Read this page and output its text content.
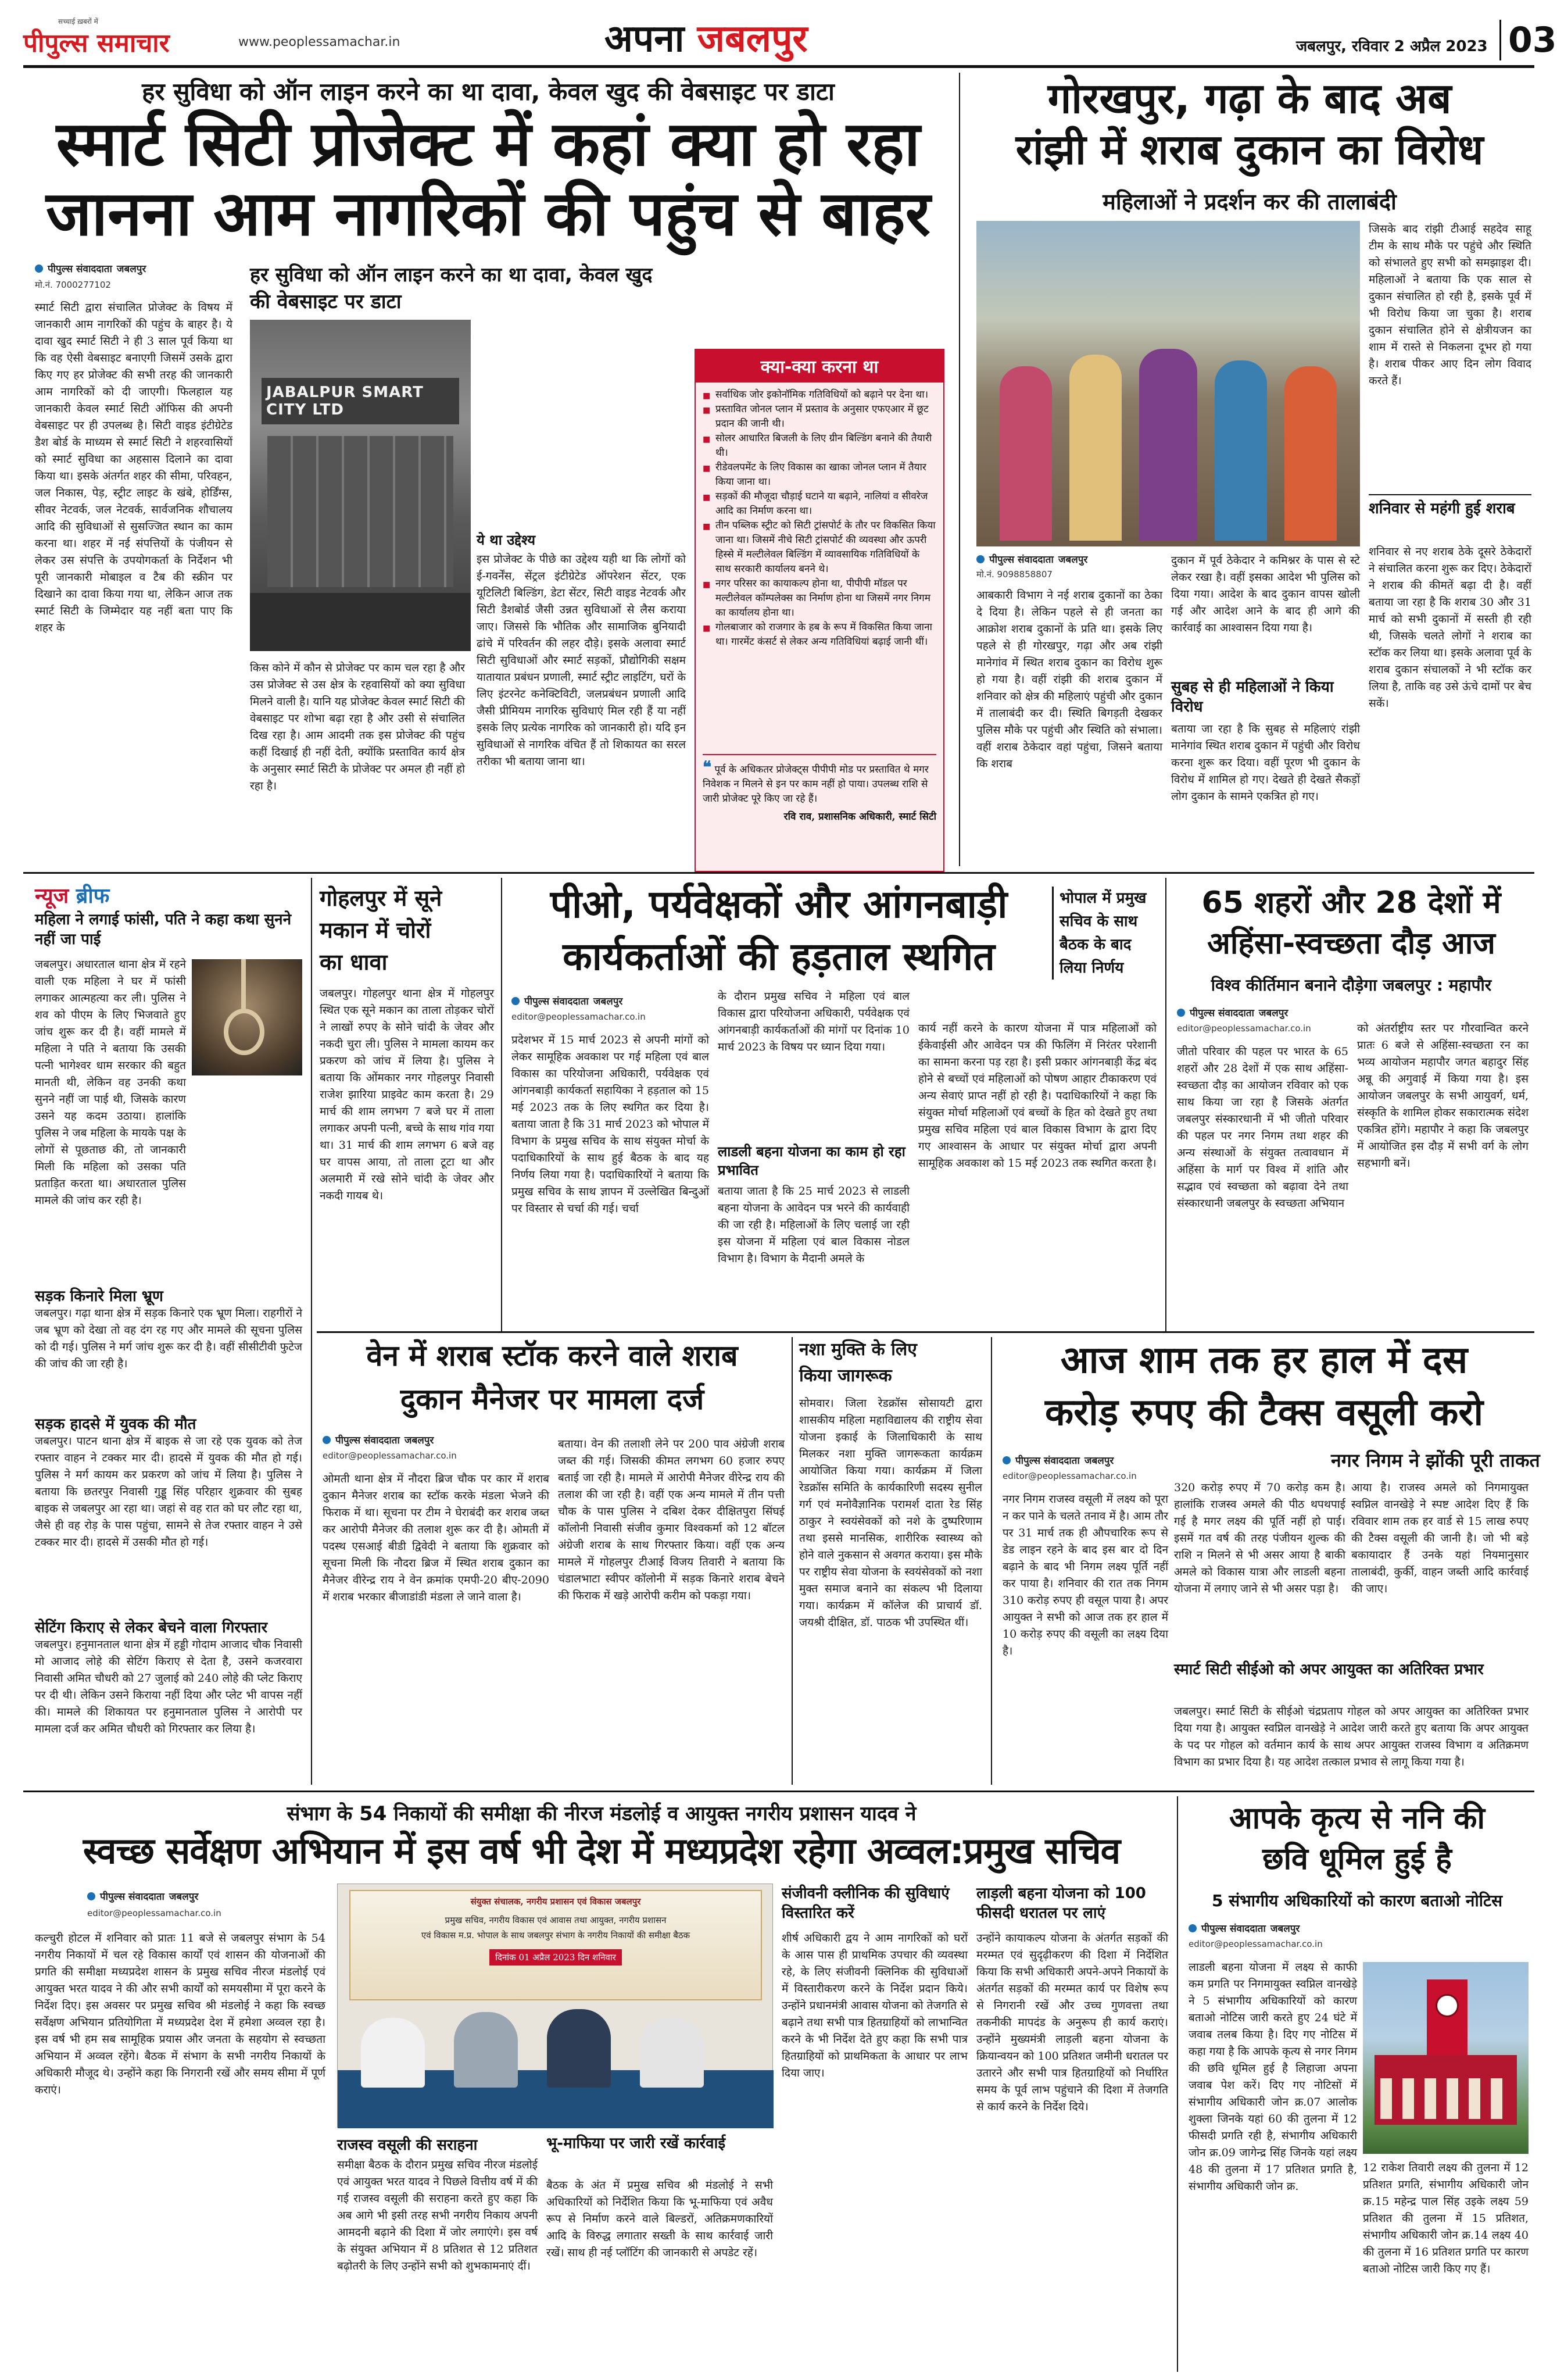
सच्चाई ख़बरों में
पीपुल्स समाचार	www.peoplessamachar.in	अपना जबलपुर	जबलपुर, रविवार 2 अप्रैल 2023 03
हर सुविधा को ऑन लाइन करने का था दावा, केवल खुद की वेबसाइट पर डाटा
स्मार्ट सिटी प्रोजेक्ट में कहां क्या हो रहा
जानना आम नागरिकों की पहुंच से बाहर
पीपुल्स संवाददाता जबलपुर
मो.नं. 7000277102
स्मार्ट सिटी द्वारा संचालित प्रोजेक्ट के विषय में जानकारी आम नागरिकों की पहुंच के बाहर है। ये दावा खुद स्मार्ट सिटी ने ही 3 साल पूर्व किया था कि वह ऐसी वेबसाइट बनाएगी जिसमें उसके द्वारा किए गए हर प्रोजेक्ट की सभी तरह की जानकारी आम नागरिकों को दी जाएगी। फिलहाल यह जानकारी केवल स्मार्ट सिटी ऑफिस की अपनी वेबसाइट पर ही उपलब्ध है। सिटी वाइड इंटीग्रेटेड डैश बोर्ड के माध्यम से स्मार्ट सिटी ने शहरवासियों को स्मार्ट सुविधा का अहसास दिलाने का दावा किया था। इसके अंतर्गत शहर की सीमा, परिवहन, जल निकास, पेड़, स्ट्रीट लाइट के खंबे, होर्डिंग्स, सीवर नेटवर्क, जल नेटवर्क, सार्वजनिक शौचालय आदि की सुविधाओं से सुसज्जित स्थान का काम करना था। शहर में नई संपत्तियों के पंजीयन से लेकर उस संपत्ति के उपयोगकर्ता के निर्देशन भी पूरी जानकारी मोबाइल व टैब की स्क्रीन पर दिखाने का दावा किया गया था, लेकिन आज तक स्मार्ट सिटी के जिम्मेदार यह नहीं बता पाए कि शहर के
हर सुविधा को ऑन लाइन करने का था दावा, केवल खुद की वेबसाइट पर डाटा
JABALPUR SMART CITY LTD
ये था उद्देश्य
इस प्रोजेक्ट के पीछे का उद्देश्य यही था कि लोगों को ई-गवर्नेंस, सेंट्रल इंटीग्रेटेड ऑपरेशन सेंटर, एक यूटिलिटी बिल्डिंग, डेटा सेंटर, सिटी वाइड नेटवर्क और सिटी डैशबोर्ड जैसी उन्नत सुविधाओं से लैस कराया जाए। जिससे कि भौतिक और सामाजिक बुनियादी ढांचे में परिवर्तन की लहर दौड़े। इसके अलावा स्मार्ट सिटी सुविधाओं और स्मार्ट सड़कों, प्रौद्योगिकी सक्षम यातायात प्रबंधन प्रणाली, स्मार्ट स्ट्रीट लाइटिंग, घरों के लिए इंटरनेट कनेक्टिविटी, जलप्रबंधन प्रणाली आदि जैसी प्रीमियम नागरिक सुविधाएं मिल रही हैं या नहीं इसके लिए प्रत्येक नागरिक को जानकारी हो। यदि इन सुविधाओं से नागरिक वंचित हैं तो शिकायत का सरल तरीका भी बताया जाना था।
किस कोने में कौन से प्रोजेक्ट पर काम चल रहा है और उस प्रोजेक्ट से उस क्षेत्र के रहवासियों को क्या सुविधा मिलने वाली है। यानि यह प्रोजेक्ट केवल स्मार्ट सिटी की वेबसाइट पर शोभा बढ़ा रहा है और उसी से संचालित दिख रहा है। आम आदमी तक इस प्रोजेक्ट की पहुंच कहीं दिखाई ही नहीं देती, क्योंकि प्रस्तावित कार्य क्षेत्र के अनुसार स्मार्ट सिटी के प्रोजेक्ट पर अमल ही नहीं हो रहा है।
क्या-क्या करना था
■ सर्वाधिक जोर इकोनॉमिक गतिविधियों को बढ़ाने पर देना था।
■ प्रस्तावित जोनल प्लान में प्रस्ताव के अनुसार एफएआर में छूट प्रदान की जानी थी।
■ सोलर आधारित बिजली के लिए ग्रीन बिल्डिंग बनाने की तैयारी थी।
■ रीडेवलपमेंट के लिए विकास का खाका जोनल प्लान में तैयार किया जाना था।
■ सड़कों की मौजूदा चौड़ाई घटाने या बढ़ाने, नालियां व सीवरेज आदि का निर्माण करना था।
■ तीन पब्लिक स्ट्रीट को सिटी ट्रांसपोर्ट के तौर पर विकसित किया जाना था। जिसमें नीचे सिटी ट्रांसपोर्ट की व्यवस्था और ऊपरी हिस्से में मल्टीलेवल बिल्डिंग में व्यावसायिक गतिविधियों के साथ सरकारी कार्यालय बनने थे।
■ नगर परिसर का कायाकल्प होना था, पीपीपी मॉडल पर मल्टीलेवल कॉम्पलेक्स का निर्माण होना था जिसमें नगर निगम का कार्यालय होना था।
■ गोलबाजार को राजगार के हब के रूप में विकसित किया जाना था। गारमेंट कंसर्ट से लेकर अन्य गतिविधियां बढ़ाई जानी थीं।
❝ पूर्व के अधिकतर प्रोजेक्ट्स पीपीपी मोड पर प्रस्तावित थे मगर निवेशक न मिलने से इन पर काम नहीं हो पाया। उपलब्ध राशि से जारी प्रोजेक्ट पूरे किए जा रहे हैं।
रवि राव, प्रशासनिक अधिकारी, स्मार्ट सिटी
गोरखपुर, गढ़ा के बाद अब
रांझी में शराब दुकान का विरोध
महिलाओं ने प्रदर्शन कर की तालाबंदी
पीपुल्स संवाददाता जबलपुर
मो.नं. 9098858807
आबकारी विभाग ने नई शराब दुकानों का ठेका दे दिया है। लेकिन पहले से ही जनता का आक्रोश शराब दुकानों के प्रति था। इसके लिए पहले से ही गोरखपुर, गढ़ा और अब रांझी मानेगांव में स्थित शराब दुकान का विरोध शुरू हो गया है। वहीं रांझी की शराब दुकान में शनिवार को क्षेत्र की महिलाएं पहुंची और दुकान में तालाबंदी कर दी। स्थिति बिगड़ती देखकर पुलिस मौके पर पहुंची और स्थिति को संभाला। वहीं शराब ठेकेदार वहां पहुंचा, जिसने बताया कि शराब
दुकान में पूर्व ठेकेदार ने कमिश्नर के पास से स्टे लेकर रखा है। वहीं इसका आदेश भी पुलिस को दिया गया। आदेश के बाद दुकान वापस खोली गई और आदेश आने के बाद ही आगे की कार्रवाई का आश्वासन दिया गया है।
सुबह से ही महिलाओं ने किया विरोध
बताया जा रहा है कि सुबह से महिलाएं रांझी मानेगांव स्थित शराब दुकान में पहुंची और विरोध करना शुरू कर दिया। वहीं पूरण भी दुकान के विरोध में शामिल हो गए। देखते ही देखते सैकड़ों लोग दुकान के सामने एकत्रित हो गए।
जिसके बाद रांझी टीआई सहदेव साहू टीम के साथ मौके पर पहुंचे और स्थिति को संभालते हुए सभी को समझाइश दी। महिलाओं ने बताया कि एक साल से दुकान संचालित हो रही है, इसके पूर्व में भी विरोध किया जा चुका है। शराब दुकान संचालित होने से क्षेत्रीयजन का शाम में रास्ते से निकलना दूभर हो गया है। शराब पीकर आए दिन लोग विवाद करते हैं।
शनिवार से महंगी हुई शराब
शनिवार से नए शराब ठेके दूसरे ठेकेदारों ने संचालित करना शुरू कर दिए। ठेकेदारों ने शराब की कीमतें बढ़ा दी है। वहीं बताया जा रहा है कि शराब 30 और 31 मार्च को सभी दुकानों में सस्ती ही रही थी, जिसके चलते लोगों ने शराब का स्टॉक कर लिया था। इसके अलावा पूर्व के शराब दुकान संचालकों ने भी स्टॉक कर लिया है, ताकि वह उसे ऊंचे दामों पर बेच सकें।
न्यूज ब्रीफ
महिला ने लगाई फांसी, पति ने कहा कथा सुनने नहीं जा पाई
जबलपुर। अधारताल थाना क्षेत्र में रहने वाली एक महिला ने घर में फांसी लगाकर आत्महत्या कर ली। पुलिस ने शव को पीएम के लिए भिजवाते हुए जांच शुरू कर दी है। वहीं मामले में महिला ने पति ने बताया कि उसकी पत्नी भागेश्वर धाम सरकार की बहुत मानती थी, लेकिन वह उनकी कथा सुनने नहीं जा पाई थी, जिसके कारण उसने यह कदम उठाया। हालांकि पुलिस ने जब महिला के मायके पक्ष के लोगों से पूछताछ की, तो जानकारी मिली कि महिला को उसका पति प्रताड़ित करता था। अधारताल पुलिस मामले की जांच कर रही है।
सड़क किनारे मिला भ्रूण
जबलपुर। गढ़ा थाना क्षेत्र में सड़क किनारे एक भ्रूण मिला। राहगीरों ने जब भ्रूण को देखा तो वह दंग रह गए और मामले की सूचना पुलिस को दी गई। पुलिस ने मर्ग जांच शुरू कर दी है। वहीं सीसीटीवी फुटेज की जांच की जा रही है।
सड़क हादसे में युवक की मौत
जबलपुर। पाटन थाना क्षेत्र में बाइक से जा रहे एक युवक को तेज रफ्तार वाहन ने टक्कर मार दी। हादसे में युवक की मौत हो गई। पुलिस ने मर्ग कायम कर प्रकरण को जांच में लिया है। पुलिस ने बताया कि छतरपुर निवासी गुड्डू सिंह परिहार शुक्रवार की सुबह बाइक से जबलपुर आ रहा था। जहां से वह रात को घर लौट रहा था, जैसे ही वह रोड़ के पास पहुंचा, सामने से तेज रफ्तार वाहन ने उसे टक्कर मार दी। हादसे में उसकी मौत हो गई।
सेटिंग किराए से लेकर बेचने वाला गिरफ्तार
जबलपुर। हनुमानताल थाना क्षेत्र में हड्डी गोदाम आजाद चौक निवासी मो आजाद लोहे की सेटिंग किराए से देता है, उसने कजरवारा निवासी अमित चौधरी को 27 जुलाई को 240 लोहे की प्लेट किराए पर दी थी। लेकिन उसने किराया नहीं दिया और प्लेट भी वापस नहीं की। मामले की शिकायत पर हनुमानताल पुलिस ने आरोपी पर मामला दर्ज कर अमित चौधरी को गिरफ्तार कर लिया है।
गोहलपुर में सूने
मकान में चोरों
का धावा
जबलपुर। गोहलपुर थाना क्षेत्र में गोहलपुर स्थित एक सूने मकान का ताला तोड़कर चोरों ने लाखों रुपए के सोने चांदी के जेवर और नकदी चुरा ली। पुलिस ने मामला कायम कर प्रकरण को जांच में लिया है। पुलिस ने बताया कि ओंमकार नगर गोहलपुर निवासी राजेश झारिया प्राइवेट काम करता है। 29 मार्च की शाम लगभग 7 बजे घर में ताला लगाकर अपनी पत्नी, बच्चे के साथ गांव गया था। 31 मार्च की शाम लगभग 6 बजे वह घर वापस आया, तो ताला टूटा था और अलमारी में रखे सोने चांदी के जेवर और नकदी गायब थे।
पीओ, पर्यवेक्षकों और आंगनबाड़ी
कार्यकर्ताओं की हड़ताल स्थगित
भोपाल में प्रमुख सचिव के साथ बैठक के बाद लिया निर्णय
पीपुल्स संवाददाता जबलपुर
editor@peoplessamachar.co.in
प्रदेशभर में 15 मार्च 2023 से अपनी मांगों को लेकर सामूहिक अवकाश पर गई महिला एवं बाल विकास का परियोजना अधिकारी, पर्यवेक्षक एवं आंगनबाड़ी कार्यकर्ता सहायिका ने हड़ताल को 15 मई 2023 तक के लिए स्थगित कर दिया है। बताया जाता है कि 31 मार्च 2023 को भोपाल में विभाग के प्रमुख सचिव के साथ संयुक्त मोर्चा के पदाधिकारियों के साथ हुई बैठक के बाद यह निर्णय लिया गया है। पदाधिकारियों ने बताया कि प्रमुख सचिव के साथ ज्ञापन में उल्लेखित बिन्दुओं पर विस्तार से चर्चा की गई। चर्चा
के दौरान प्रमुख सचिव ने महिला एवं बाल विकास द्वारा परियोजना अधिकारी, पर्यवेक्षक एवं आंगनबाड़ी कार्यकर्ताओं की मांगों पर दिनांक 10 मार्च 2023 के विषय पर ध्यान दिया गया।
लाडली बहना योजना का काम हो रहा प्रभावित
बताया जाता है कि 25 मार्च 2023 से लाडली बहना योजना के आवेदन पत्र भरने की कार्यवाही की जा रही है। महिलाओं के लिए चलाई जा रही इस योजना में महिला एवं बाल विकास नोडल विभाग है। विभाग के मैदानी अमले के
कार्य नहीं करने के कारण योजना में पात्र महिलाओं को ईकेवाईसी और आवेदन पत्र की फिलिंग में निरंतर परेशानी का सामना करना पड़ रहा है। इसी प्रकार आंगनबाड़ी केंद्र बंद होने से बच्चों एवं महिलाओं को पोषण आहार टीकाकरण एवं अन्य सेवाएं प्राप्त नहीं हो रही है। पदाधिकारियों ने कहा कि संयुक्त मोर्चा महिलाओं एवं बच्चों के हित को देखते हुए तथा प्रमुख सचिव महिला एवं बाल विकास विभाग के द्वारा दिए गए आश्वासन के आधार पर संयुक्त मोर्चा द्वारा अपनी सामूहिक अवकाश को 15 मई 2023 तक स्थगित करता है।
65 शहरों और 28 देशों में
अहिंसा-स्वच्छता दौड़ आज
विश्व कीर्तिमान बनाने दौड़ेगा जबलपुर : महापौर
पीपुल्स संवाददाता जबलपुर
editor@peoplessamachar.co.in
जीतो परिवार की पहल पर भारत के 65 शहरों और 28 देशों में एक साथ अहिंसा-स्वच्छता दौड़ का आयोजन रविवार को एक साथ किया जा रहा है जिसके अंतर्गत जबलपुर संस्कारधानी में भी जीतो परिवार की पहल पर नगर निगम तथा शहर की अन्य संस्थाओं के संयुक्त तत्वावधान में अहिंसा के मार्ग पर विश्व में शांति और सद्भाव एवं स्वच्छता को बढ़ावा देने तथा संस्कारधानी जबलपुर के स्वच्छता अभियान
को अंतर्राष्ट्रीय स्तर पर गौरवान्वित करने प्रातः 6 बजे से अहिंसा-स्वच्छता रन का भव्य आयोजन महापौर जगत बहादुर सिंह अन्नू की अगुवाई में किया गया है। इस आयोजन जबलपुर के सभी आयुवर्ग, धर्म, संस्कृति के शामिल होकर सकारात्मक संदेश एकत्रित होंगे। महापौर ने कहा कि जबलपुर में आयोजित इस दौड़ में सभी वर्ग के लोग सहभागी बनें।
वेन में शराब स्टॉक करने वाले शराब
दुकान मैनेजर पर मामला दर्ज
पीपुल्स संवाददाता जबलपुर
editor@peoplessamachar.co.in
ओमती थाना क्षेत्र में नौदरा ब्रिज चौक पर कार में शराब दुकान मैनेजर शराब का स्टॉक करके मंडला भेजने की फिराक में था। सूचना पर टीम ने घेराबंदी कर शराब जब्त कर आरोपी मैनेजर की तलाश शुरू कर दी है। ओमती में पदस्थ एसआई बीडी द्विवेदी ने बताया कि शुक्रवार को सूचना मिली कि नौदरा ब्रिज में स्थित शराब दुकान का मैनेजर वीरेन्द्र राय ने वेन क्रमांक एमपी-20 बीए-2090 में शराब भरकार बीजाडांडी मंडला ले जाने वाला है।
बताया। वेन की तलाशी लेने पर 200 पाव अंग्रेजी शराब जब्त की गई। जिसकी कीमत लगभग 60 हजार रुपए बताई जा रही है। मामले में आरोपी मैनेजर वीरेन्द्र राय की तलाश की जा रही है। वहीं एक अन्य मामले में तीन पत्ती चौक के पास पुलिस ने दबिश देकर दीक्षितपुरा सिंघई कॉलोनी निवासी संजीव कुमार विश्वकर्मा को 12 बॉटल अंग्रेजी शराब के साथ गिरफ्तार किया। वहीं एक अन्य मामले में गोहलपुर टीआई विजय तिवारी ने बताया कि चंडालभाटा स्वीपर कॉलोनी में सड़क किनारे शराब बेचने की फिराक में खड़े आरोपी करीम को पकड़ा गया।
नशा मुक्ति के लिए
किया जागरूक
सोमवार। जिला रेडक्रॉस सोसायटी द्वारा शासकीय महिला महाविद्यालय की राष्ट्रीय सेवा योजना इकाई के जिलाधिकारी के साथ मिलकर नशा मुक्ति जागरूकता कार्यक्रम आयोजित किया गया। कार्यक्रम में जिला रेडक्रॉस समिति के कार्यकारिणी सदस्य सुनील गर्ग एवं मनोवैज्ञानिक परामर्श दाता रेड सिंह ठाकुर ने स्वयंसेवकों को नशे के दुष्परिणाम तथा इससे मानसिक, शारीरिक स्वास्थ्य को होने वाले नुकसान से अवगत कराया। इस मौके पर राष्ट्रीय सेवा योजना के स्वयंसेवकों को नशा मुक्त समाज बनाने का संकल्प भी दिलाया गया। कार्यक्रम में कॉलेज की प्राचार्य डॉ. जयश्री दीक्षित, डॉ. पाठक भी उपस्थित थीं।
आज शाम तक हर हाल में दस
करोड़ रुपए की टैक्स वसूली करो
नगर निगम ने झोंकी पूरी ताकत
पीपुल्स संवाददाता जबलपुर
editor@peoplessamachar.co.in
नगर निगम राजस्व वसूली में लक्ष्य को पूरा न कर पाने के चलते तनाव में है। आम तौर पर 31 मार्च तक ही औपचारिक रूप से डेड लाइन रहने के बाद इस बार दो दिन बढ़ाने के बाद भी निगम लक्ष्य पूर्ति नहीं कर पाया है। शनिवार की रात तक निगम 310 करोड़ रुपए ही वसूल पाया है। अपर आयुक्त ने सभी को आज तक हर हाल में 10 करोड़ रुपए की वसूली का लक्ष्य दिया है।
320 करोड़ रुपए में 70 करोड़ कम है। हालांकि राजस्व अमले की पीठ थपथपाई गई है मगर लक्ष्य की पूर्ति नहीं हो पाई। इसमें गत वर्ष की तरह पंजीयन शुल्क की राशि न मिलने से भी असर आया है बाकी अमले को विकास यात्रा और लाडली बहना योजना में लगाए जाने से भी असर पड़ा है।
आया है। राजस्व अमले को निगमायुक्त स्वप्निल वानखेड़े ने स्पष्ट आदेश दिए हैं कि रविवार शाम तक हर वार्ड से 15 लाख रुपए की टैक्स वसूली की जानी है। जो भी बड़े बकायादार हैं उनके यहां नियमानुसार तालाबंदी, कुर्की, वाहन जब्ती आदि कार्रवाई की जाए।
स्मार्ट सिटी सीईओ को अपर आयुक्त का अतिरिक्त प्रभार
जबलपुर। स्मार्ट सिटी के सीईओ चंद्रप्रताप गोहल को अपर आयुक्त का अतिरिक्त प्रभार दिया गया है। आयुक्त स्वप्निल वानखेड़े ने आदेश जारी करते हुए बताया कि अपर आयुक्त के पद पर गोहल को वर्तमान कार्य के साथ अपर आयुक्त राजस्व विभाग व अतिक्रमण विभाग का प्रभार दिया है। यह आदेश तत्काल प्रभाव से लागू किया गया है।
संभाग के 54 निकायों की समीक्षा की नीरज मंडलोई व आयुक्त नगरीय प्रशासन यादव ने
स्वच्छ सर्वेक्षण अभियान में इस वर्ष भी देश में मध्यप्रदेश रहेगा अव्वल:प्रमुख सचिव
पीपुल्स संवाददाता जबलपुर
editor@peoplessamachar.co.in
कल्चुरी होटल में शनिवार को प्रातः 11 बजे से जबलपुर संभाग के 54 नगरीय निकायों में चल रहे विकास कार्यों एवं शासन की योजनाओं की प्रगति की समीक्षा मध्यप्रदेश शासन के प्रमुख सचिव नीरज मंडलोई एवं आयुक्त भरत यादव ने की और सभी कार्यों को समयसीमा में पूरा करने के निर्देश दिए। इस अवसर पर प्रमुख सचिव श्री मंडलोई ने कहा कि स्वच्छ सर्वेक्षण अभियान प्रतियोगिता में मध्यप्रदेश देश में हमेशा अव्वल रहा है। इस वर्ष भी हम सब सामूहिक प्रयास और जनता के सहयोग से स्वच्छता अभियान में अव्वल रहेंगे। बैठक में संभाग के सभी नगरीय निकायों के अधिकारी मौजूद थे। उन्होंने कहा कि निगरानी रखें और समय सीमा में पूर्ण कराएं।
संयुक्त संचालक, नगरीय प्रशासन एवं विकास जबलपुर
प्रमुख सचिव, नगरीय विकास एवं आवास तथा आयुक्त, नगरीय प्रशासन
एवं विकास म.प्र. भोपाल के साथ जबलपुर संभाग के नगरीय निकायों की समीक्षा बैठक
दिनांक 01 अप्रैल 2023 दिन शनिवार
राजस्व वसूली की सराहना
समीक्षा बैठक के दौरान प्रमुख सचिव नीरज मंडलोई एवं आयुक्त भरत यादव ने पिछले वित्तीय वर्ष में की गई राजस्व वसूली की सराहना करते हुए कहा कि अब आगे भी इसी तरह सभी नगरीय निकाय अपनी आमदनी बढ़ाने की दिशा में जोर लगाएंगे। इस वर्ष के संयुक्त अभियान में 8 प्रतिशत से 12 प्रतिशत बढ़ोतरी के लिए उन्होंने सभी को शुभकामनाएं दीं।
भू-माफिया पर जारी रखें कार्रवाई
बैठक के अंत में प्रमुख सचिव श्री मंडलोई ने सभी अधिकारियों को निर्देशित किया कि भू-माफिया एवं अवैध रूप से निर्माण करने वाले बिल्डरों, अतिक्रमणकारियों आदि के विरुद्ध लगातार सख्ती के साथ कार्रवाई जारी रखें। साथ ही नई प्लॉटिंग की जानकारी से अपडेट रहें।
संजीवनी क्लीनिक की सुविधाएं विस्तारित करें
शीर्ष अधिकारी द्वय ने आम नागरिकों को घरों के आस पास ही प्राथमिक उपचार की व्यवस्था रहे, के लिए संजीवनी क्लिनिक की सुविधाओं में विस्तारीकरण करने के निर्देश प्रदान किये। उन्होंने प्रधानमंत्री आवास योजना को तेजगति से बढ़ाने तथा सभी पात्र हितग्राहियों को लाभान्वित करने के भी निर्देश देते हुए कहा कि सभी पात्र हितग्राहियों को प्राथमिकता के आधार पर लाभ दिया जाए।
लाड़ली बहना योजना को 100 फीसदी धरातल पर लाएं
उन्होंने कायाकल्प योजना के अंतर्गत सड़कों की मरम्मत एवं सुदृढ़ीकरण की दिशा में निर्देशित किया कि सभी अधिकारी अपने-अपने निकायों के अंतर्गत सड़कों की मरम्मत कार्य पर विशेष रूप से निगरानी रखें और उच्च गुणवत्ता तथा तकनीकी मापदंड के अनुरूप ही कार्य कराएं। उन्होंने मुख्यमंत्री लाड़ली बहना योजना के क्रियान्वयन को 100 प्रतिशत जमीनी धरातल पर उतारने और सभी पात्र हितग्राहियों को निर्धारित समय के पूर्व लाभ पहुंचाने की दिशा में तेजगति से कार्य करने के निर्देश दिये।
आपके कृत्य से ननि की
छवि धूमिल हुई है
5 संभागीय अधिकारियों को कारण बताओ नोटिस
पीपुल्स संवाददाता जबलपुर
editor@peoplessamachar.co.in
लाडली बहना योजना में लक्ष्य से काफी कम प्रगति पर निगमायुक्त स्वप्निल वानखेड़े ने 5 संभागीय अधिकारियों को कारण बताओ नोटिस जारी करते हुए 24 घंटे में जवाब तलब किया है। दिए गए नोटिस में कहा गया है कि आपके कृत्य से नगर निगम की छवि धूमिल हुई है लिहाजा अपना जवाब पेश करें। दिए गए नोटिसों में संभागीय अधिकारी जोन क्र.07 आलोक शुक्ला जिनके यहां 60 की तुलना में 12 फीसदी प्रगति रही है, संभागीय अधिकारी जोन क्र.09 जागेन्द्र सिंह जिनके यहां लक्ष्य 48 की तुलना में 17 प्रतिशत प्रगति है, संभागीय अधिकारी जोन क्र.
12 राकेश तिवारी लक्ष्य की तुलना में 12 प्रतिशत प्रगति, संभागीय अधिकारी जोन क्र.15 महेन्द्र पाल सिंह उइके लक्ष्य 59 प्रतिशत की तुलना में 15 प्रतिशत, संभागीय अधिकारी जोन क्र.14 लक्ष्य 40 की तुलना में 16 प्रतिशत प्रगति पर कारण बताओ नोटिस जारी किए गए हैं।
